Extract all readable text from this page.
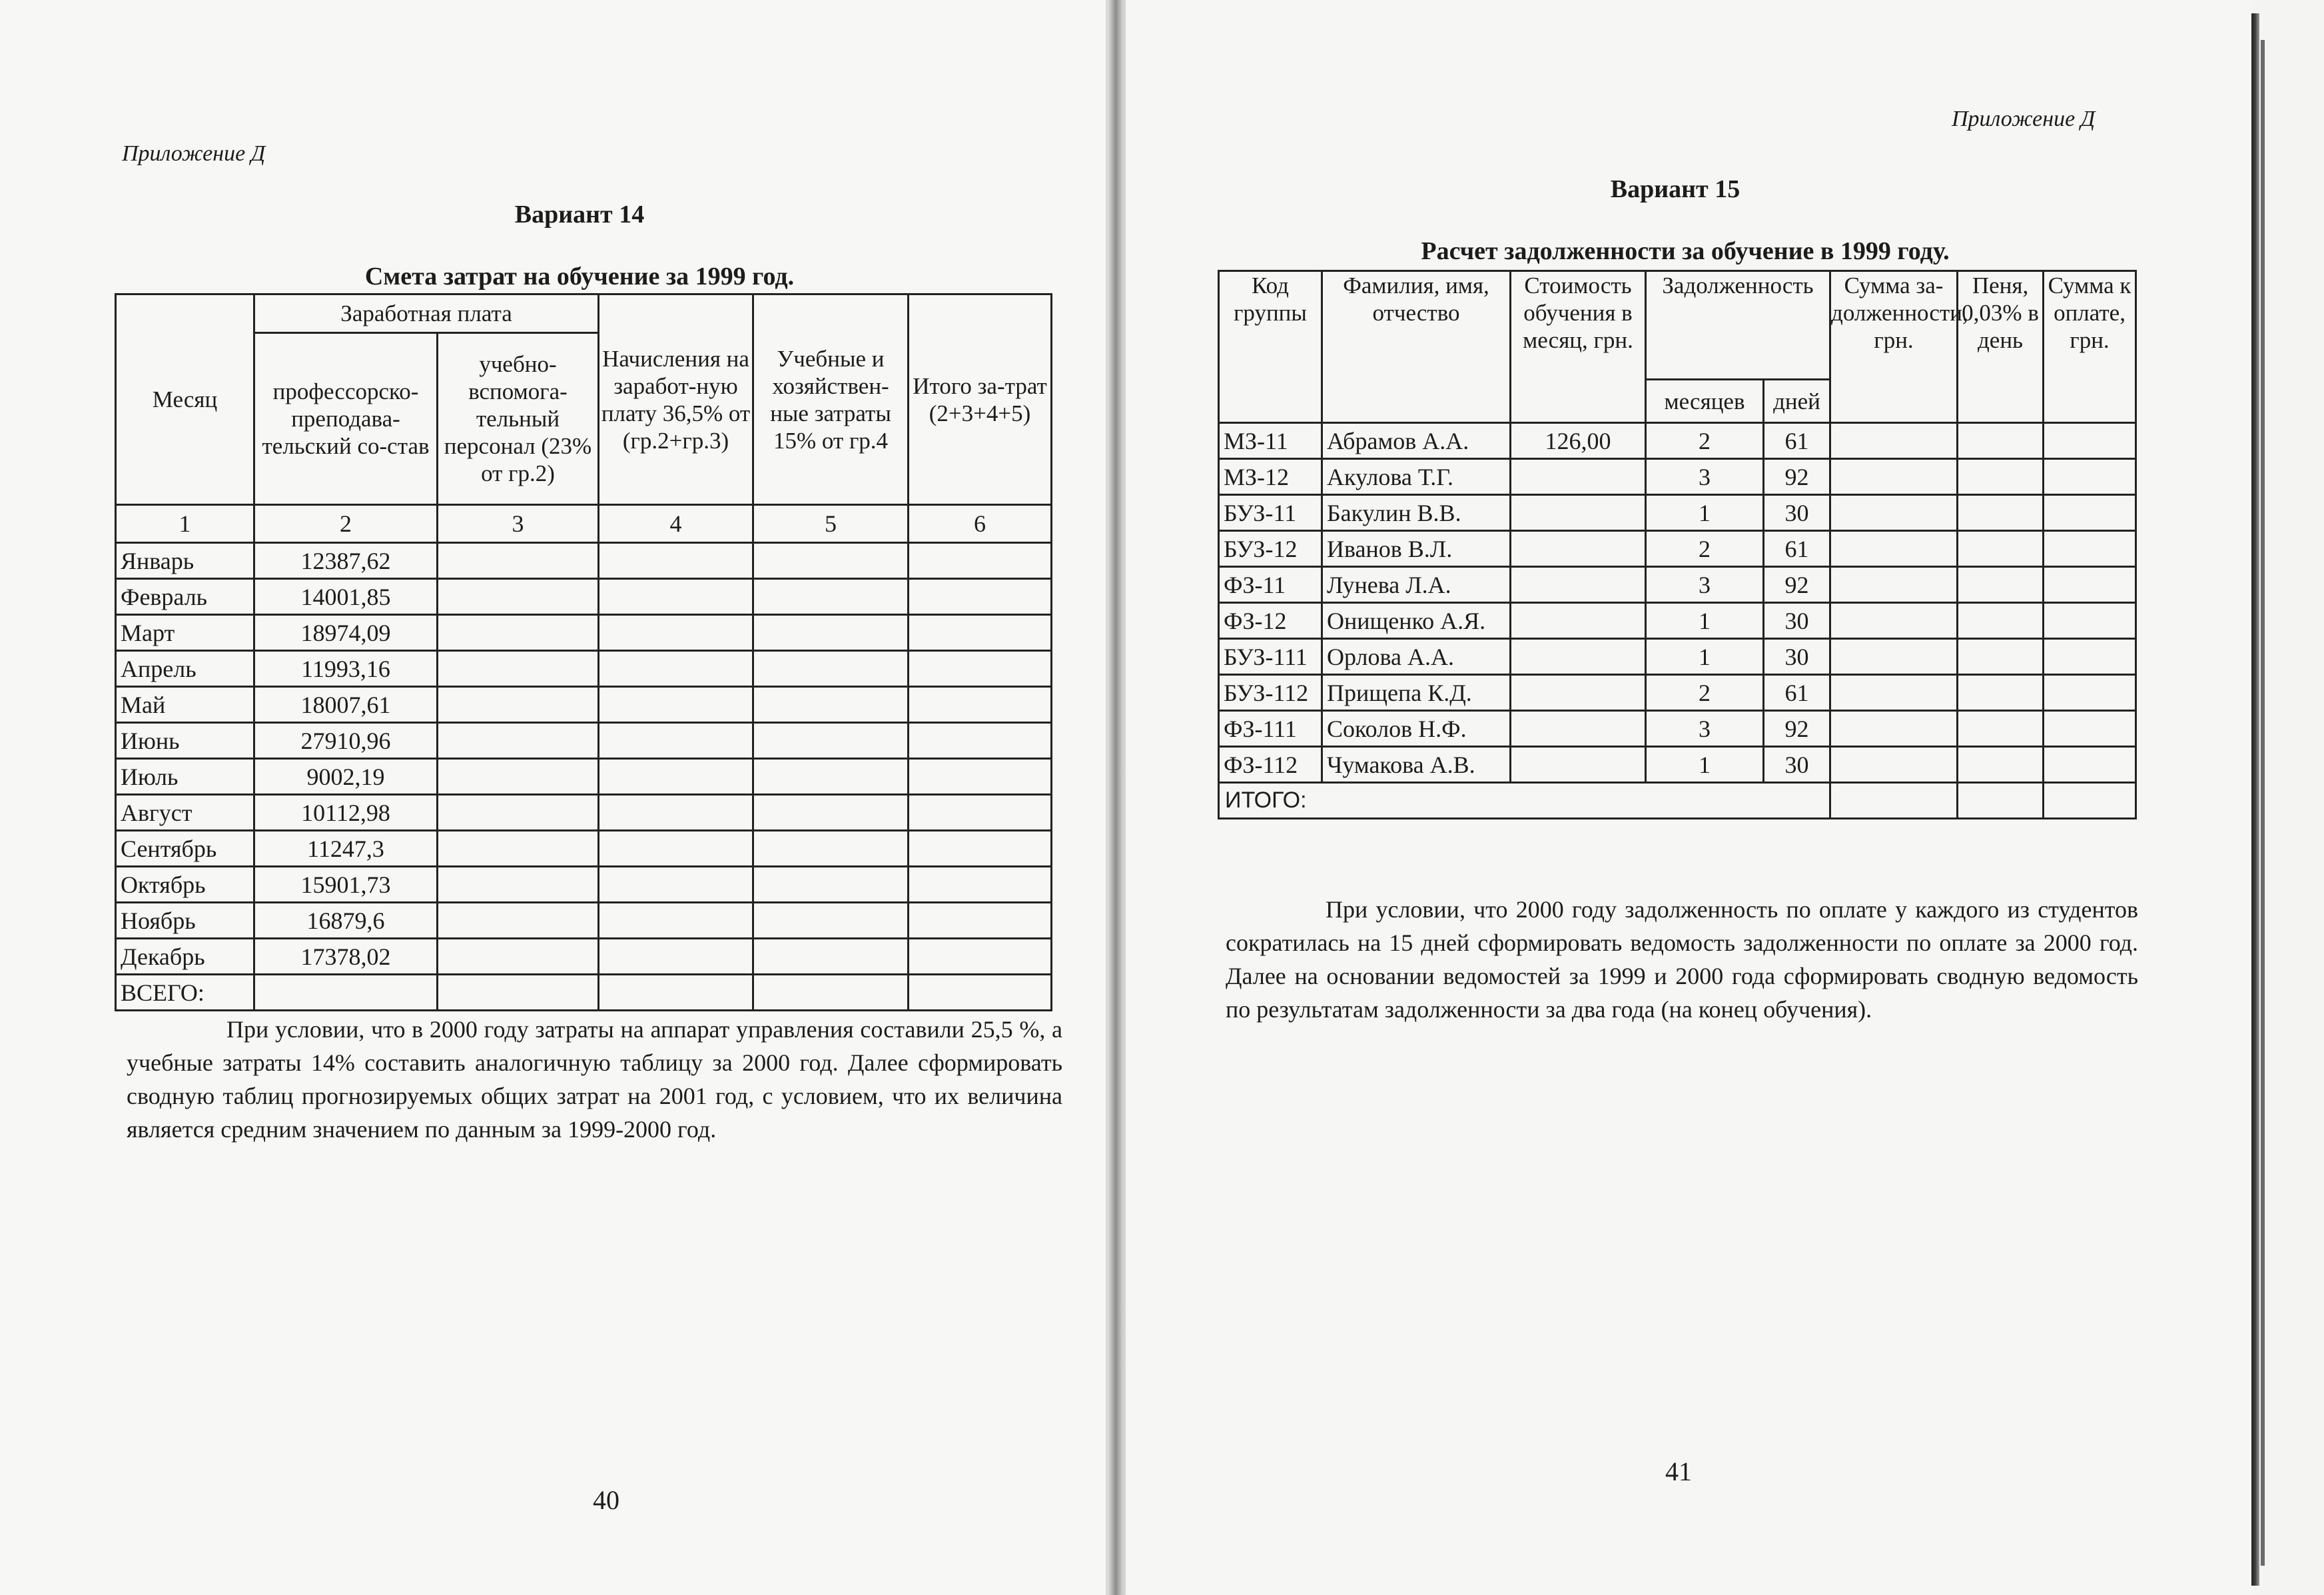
Приложение Д
Вариант 14
Смета затрат на обучение за 1999 год.
Месяц	Заработная плата		Начисления на заработ-ную плату 36,5% от (гр.2+гр.3)	Учебные и хозяйствен-ные затраты 15% от гр.4	Итого за-трат (2+3+4+5)
	профессорско-преподава-тельский со-став	учебно-вспомога-тельный персонал (23% от гр.2)			
1	2	3	4	5	6
Январь	12387,62				
Февраль	14001,85				
Март	18974,09				
Апрель	11993,16				
Май	18007,61				
Июнь	27910,96				
Июль	9002,19				
Август	10112,98				
Сентябрь	11247,3				
Октябрь	15901,73				
Ноябрь	16879,6				
Декабрь	17378,02				
ВСЕГО:					
При условии, что в 2000 году затраты на аппарат управления составили 25,5 %, а учебные затраты 14% составить аналогичную таблицу за 2000 год. Далее сформировать сводную таблиц прогнозируемых общих затрат на 2001 год, с условием, что их величина является средним значением по данным за 1999-2000 год.
40
Приложение Д
Вариант 15
Расчет задолженности за обучение в 1999 году.
Код группы	Фамилия, имя, отчество	Стоимость обучения в месяц, грн.	Задолженность		Сумма за-долженности, грн.	Пеня, 0,03% в день	Сумма к оплате, грн.
			месяцев	дней			
МЗ-11	Абрамов А.А.	126,00	2	61			
МЗ-12	Акулова Т.Г.		3	92			
БУЗ-11	Бакулин В.В.		1	30			
БУЗ-12	Иванов В.Л.		2	61			
ФЗ-11	Лунева Л.А.		3	92			
ФЗ-12	Онищенко А.Я.		1	30			
БУЗ-111	Орлова А.А.		1	30			
БУЗ-112	Прищепа К.Д.		2	61			
ФЗ-111	Соколов Н.Ф.		3	92			
ФЗ-112	Чумакова А.В.		1	30			
ИТОГО:							
При условии, что 2000 году задолженность по оплате у каждого из студентов сократилась на 15 дней сформировать ведомость задолженности по оплате за 2000 год. Далее на основании ведомостей за 1999 и 2000 года сформировать сводную ведомость по результатам задолженности за два года (на конец обучения).
41
